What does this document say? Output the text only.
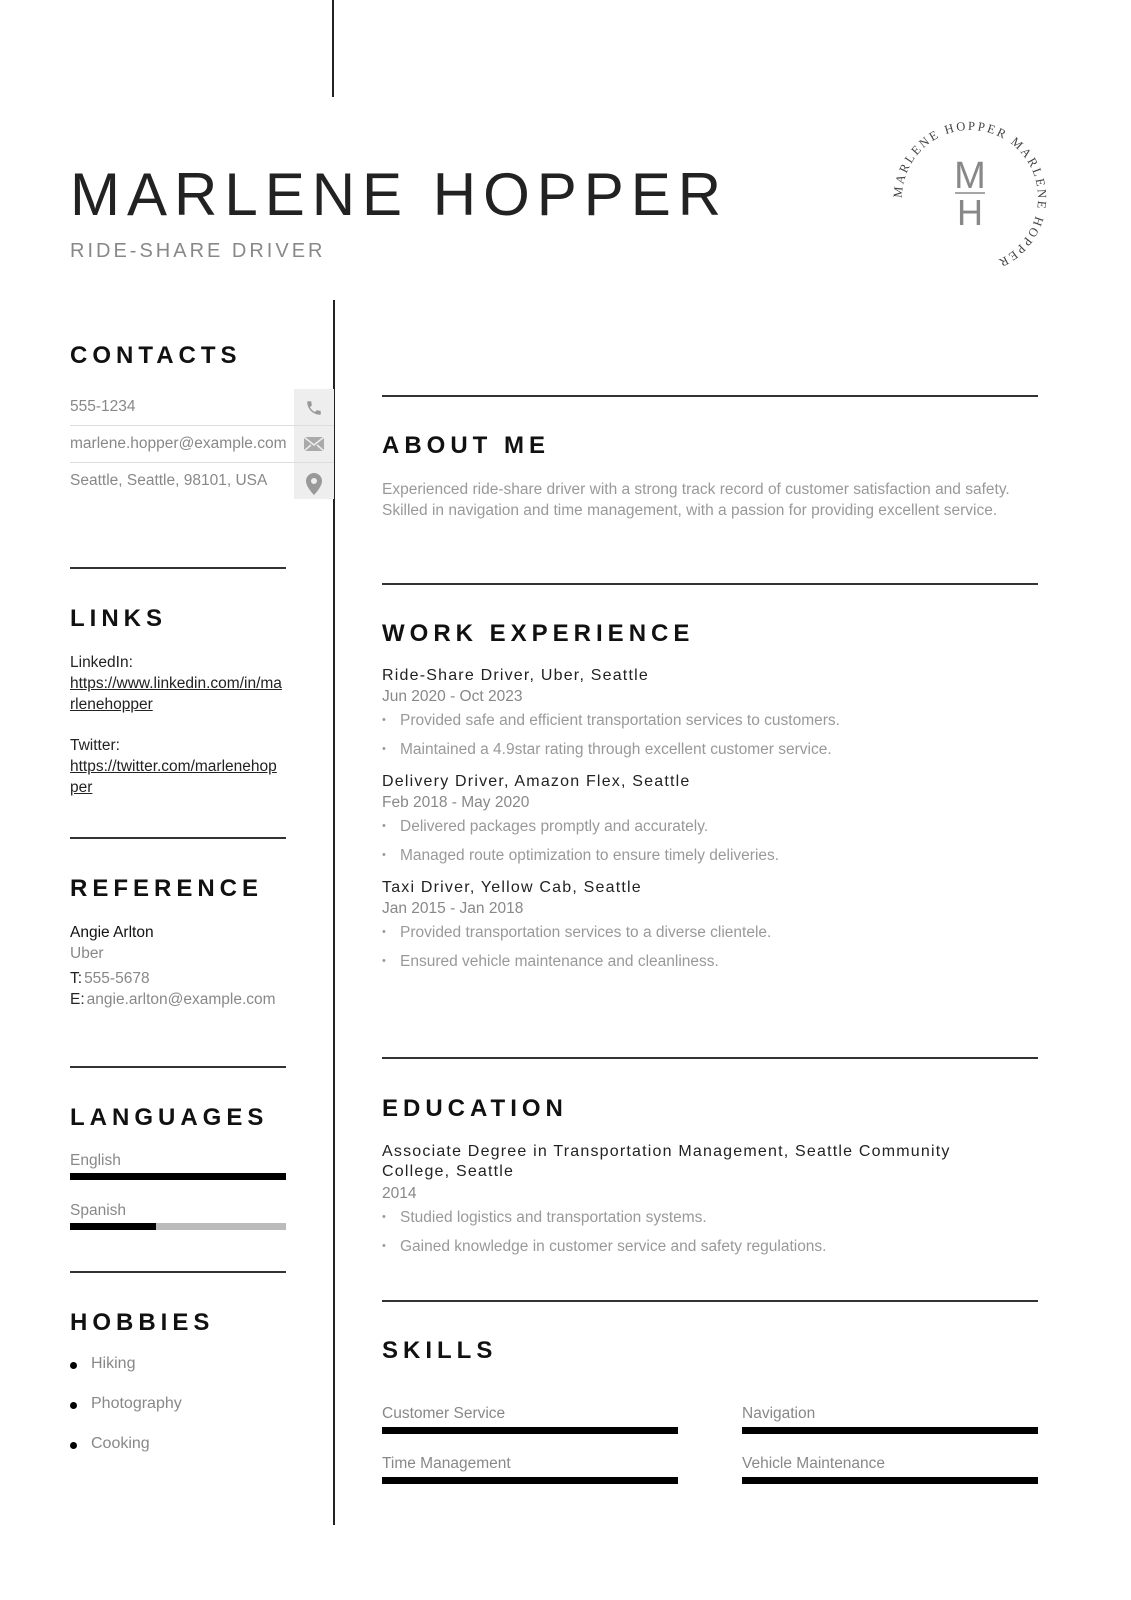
MARLENE HOPPER
RIDE-SHARE DRIVER
MARLENE HOPPER MARLENE HOPPER
M
H
CONTACTS
555-1234
marlene.hopper@example.com
Seattle, Seattle, 98101, USA
LINKS
LinkedIn:
https://www.linkedin.com/in/marlenehopper
Twitter:
https://twitter.com/marlenehopper
REFERENCE
Angie Arlton
Uber
T: 555-5678
E: angie.arlton@example.com
LANGUAGES
English
Spanish
HOBBIES
Hiking
Photography
Cooking
ABOUT ME

Experienced ride-share driver with a strong track record of customer satisfaction and safety. Skilled in navigation and time management, with a passion for providing excellent service.

WORK EXPERIENCE
Ride-Share Driver, Uber, Seattle
Jun 2020 - Oct 2023
• Provided safe and efficient transportation services to customers.
• Maintained a 4.9star rating through excellent customer service.
Delivery Driver, Amazon Flex, Seattle
Feb 2018 - May 2020
• Delivered packages promptly and accurately.
• Managed route optimization to ensure timely deliveries.
Taxi Driver, Yellow Cab, Seattle
Jan 2015 - Jan 2018
• Provided transportation services to a diverse clientele.
• Ensured vehicle maintenance and cleanliness.
EDUCATION
Associate Degree in Transportation Management, Seattle Community College, Seattle
2014
• Studied logistics and transportation systems.
• Gained knowledge in customer service and safety regulations.
SKILLS
Customer Service	Navigation
Time Management	Vehicle Maintenance
